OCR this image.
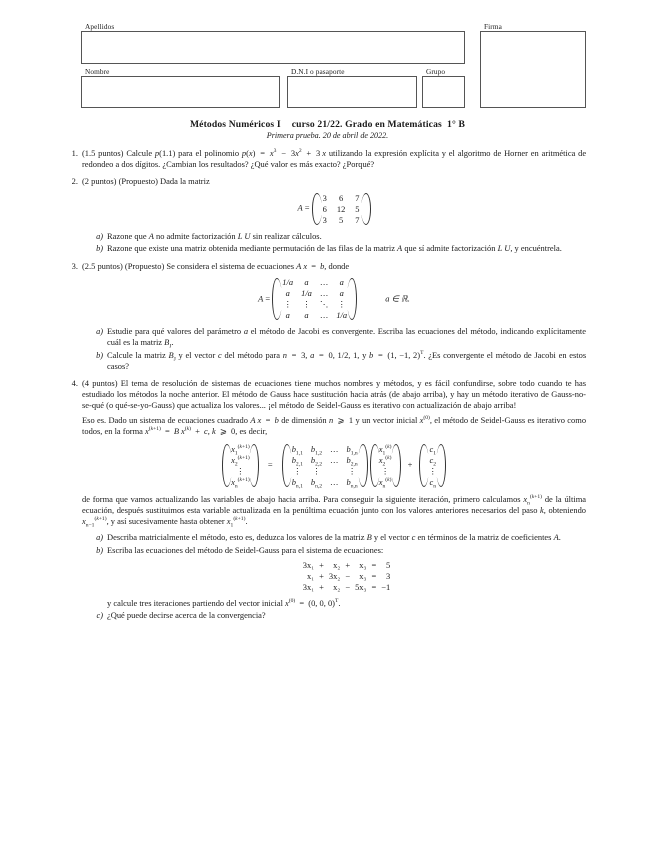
Apellidos
Nombre	D.N.I o pasaporte	Grupo
Firma
Métodos Numéricos I curso 21/22. Grado en Matemáticas 1° B
Primera prueba. 20 de abril de 2022.
1. (1.5 puntos) Calcule p(1.1) para el polinomio $p(x) = x^3 - 3x^2 + 3$ x utilizando la expresión explícita y el algoritmo de Horner en aritmética de redondeo a dos dígitos. ¿Cambian los resultados? ¿Qué valor es más exacto? ¿Porqué?
2. (2 puntos) (Propuesto) Dada la matriz
A =
3	6	7
6	12	5
3	5	7
a) Razone que A no admite factorización L U sin realizar cálculos.
b) Razone que existe una matriz obtenida mediante permutación de las filas de la matriz A que sí admite factorización L U, y encuéntrela.
3. (2.5 puntos) (Propuesto) Se considera el sistema de ecuaciones A x = b, donde
A =
1/a	a	…	a
a	1/a	…	a
⋮	⋮	⋱	⋮
a	a	…	1/a
a ∈ ℝ.
a) Estudie para qué valores del parámetro a el método de Jacobi es convergente. Escriba las ecuaciones del método, indicando explícitamente cuál es la matriz $B_J$.
b) Calcule la matriz $B_J$ y el vector c del método para n = 3, a = 0, 1/2, 1, y b = (1, −1, 2)$^T$. ¿Es convergente el método de Jacobi en estos casos?
4. (4 puntos) El tema de resolución de sistemas de ecuaciones tiene muchos nombres y métodos, y es fácil confundirse, sobre todo cuando te has estudiado los métodos la noche anterior. El método de Gauss hace sustitución hacia atrás (de abajo arriba), y hay un método iterativo de Gauss-no-se-qué (o qué-se-yo-Gauss) que actualiza los valores... ¡el método de Seidel-Gauss es iterativo con actualización de abajo arriba!
Eso es. Dado un sistema de ecuaciones cuadrado A x = b de dimensión n ⩾ 1 y un vector inicial $x^{(0)}$, el método de Seidel-Gauss es iterativo como todos, en la forma $x^{(k+1)} = B$ $x^{(k)} + c$, k ⩾ 0, es decir,
$x_1^{(k+1)}$
$x_2^{(k+1)}$
⋮
$x_n^{(k+1)}$
=
$b_{1,1}$	$b_{1,2}$	…	$b_{1,n}$
$b_{2,1}$	$b_{2,2}$	…	$b_{2,n}$
⋮	⋮		⋮
$b_{n,1}$	$b_{n,2}$	…	$b_{n,n}$

$x_1^{(k)}$
$x_2^{(k)}$
⋮
$x_n^{(k)}$
+
$c_1$
$c_2$
⋮
$c_n$
de forma que vamos actualizando las variables de abajo hacia arriba. Para conseguir la siguiente iteración, primero calculamos $x_n^{(k+1)}$ de la última ecuación, después sustituimos esta variable actualizada en la penúltima ecuación junto con los valores anteriores necesarios del paso k, obteniendo $x_{n-1}^{(k+1)}$, y así sucesivamente hasta obtener $x_1^{(k+1)}$.
a) Describa matricialmente el método, esto es, deduzca los valores de la matriz B y el vector c en términos de la matriz de coeficientes A.
b) Escriba las ecuaciones del método de Seidel-Gauss para el sistema de ecuaciones:
3x₁	+	x₂	+	x₃	=	5
x₁	+	3x₂	−	x₃	=	3
3x₁	+	x₂	−	5x₃	=	−1
y calcule tres iteraciones partiendo del vector inicial $x^{(0)} = (0$, 0, 0)$^T$.
c) ¿Qué puede decirse acerca de la convergencia?
